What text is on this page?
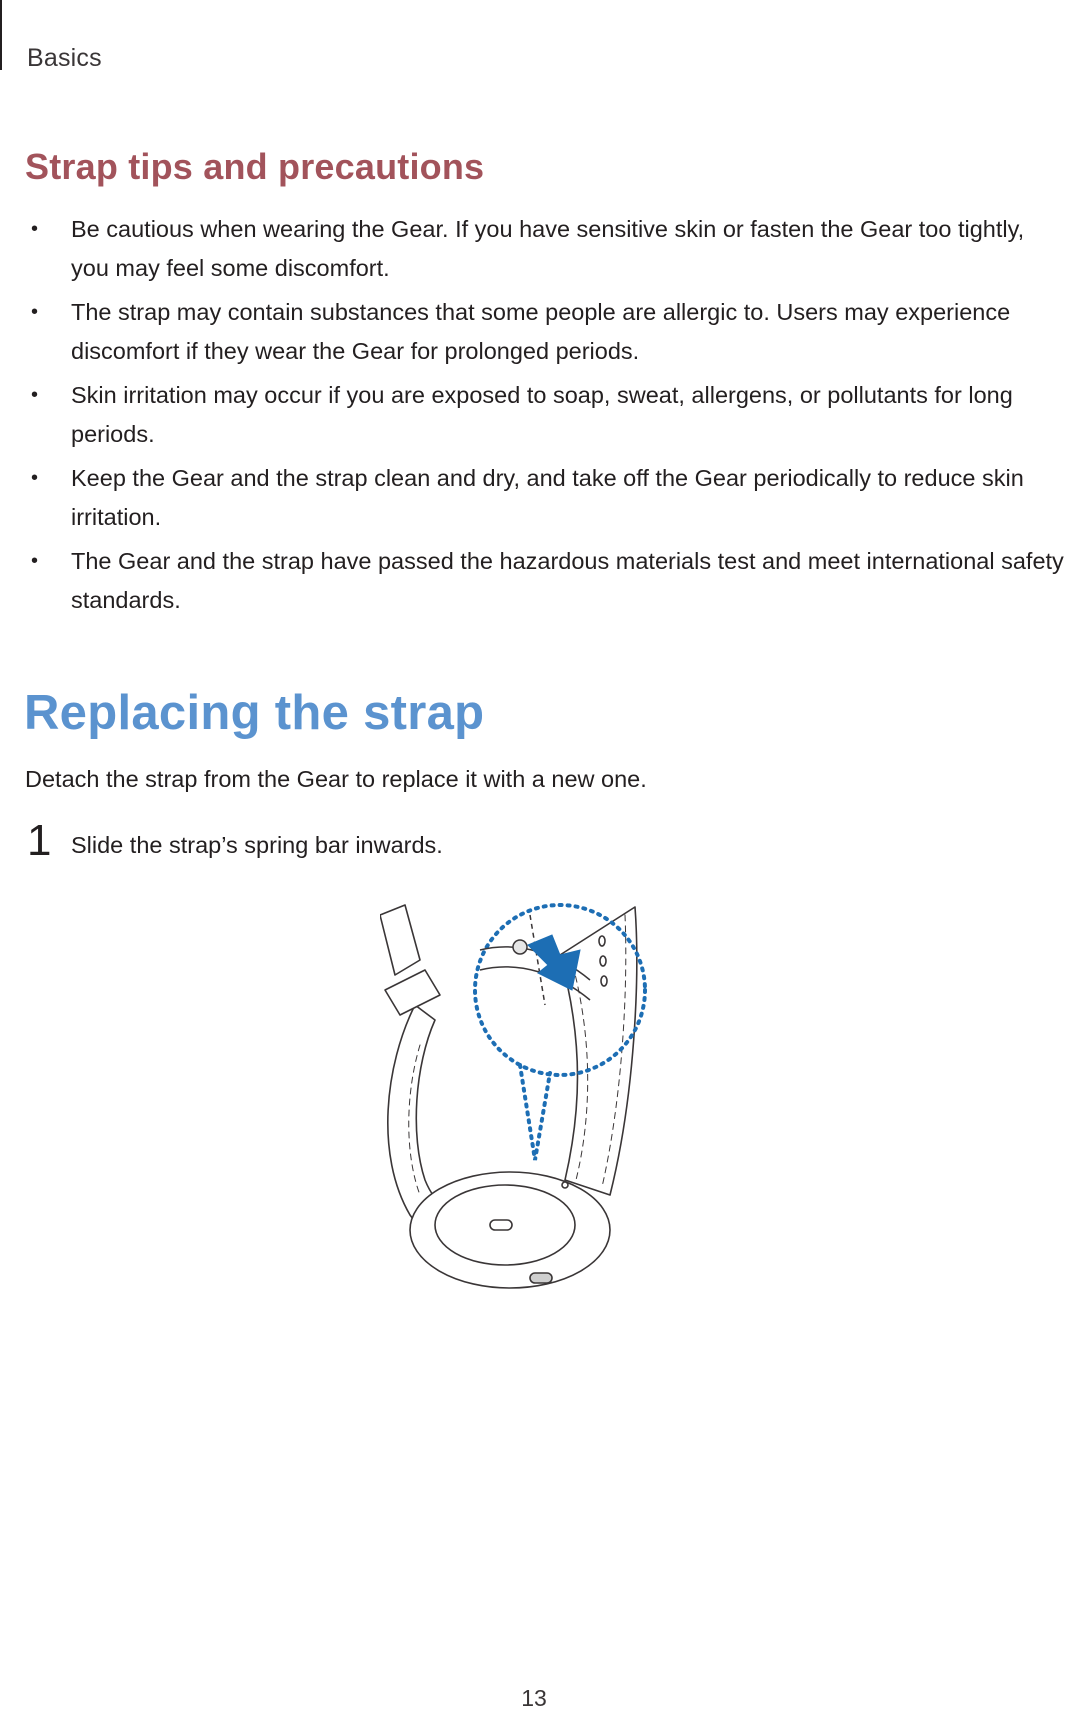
Basics
Strap tips and precautions
• Be cautious when wearing the Gear. If you have sensitive skin or fasten the Gear too tightly, you may feel some discomfort.
• The strap may contain substances that some people are allergic to. Users may experience discomfort if they wear the Gear for prolonged periods.
• Skin irritation may occur if you are exposed to soap, sweat, allergens, or pollutants for long periods.
• Keep the Gear and the strap clean and dry, and take off the Gear periodically to reduce skin irritation.
• The Gear and the strap have passed the hazardous materials test and meet international safety standards.
Replacing the strap
Detach the strap from the Gear to replace it with a new one.
1 Slide the strap’s spring bar inwards.
13
